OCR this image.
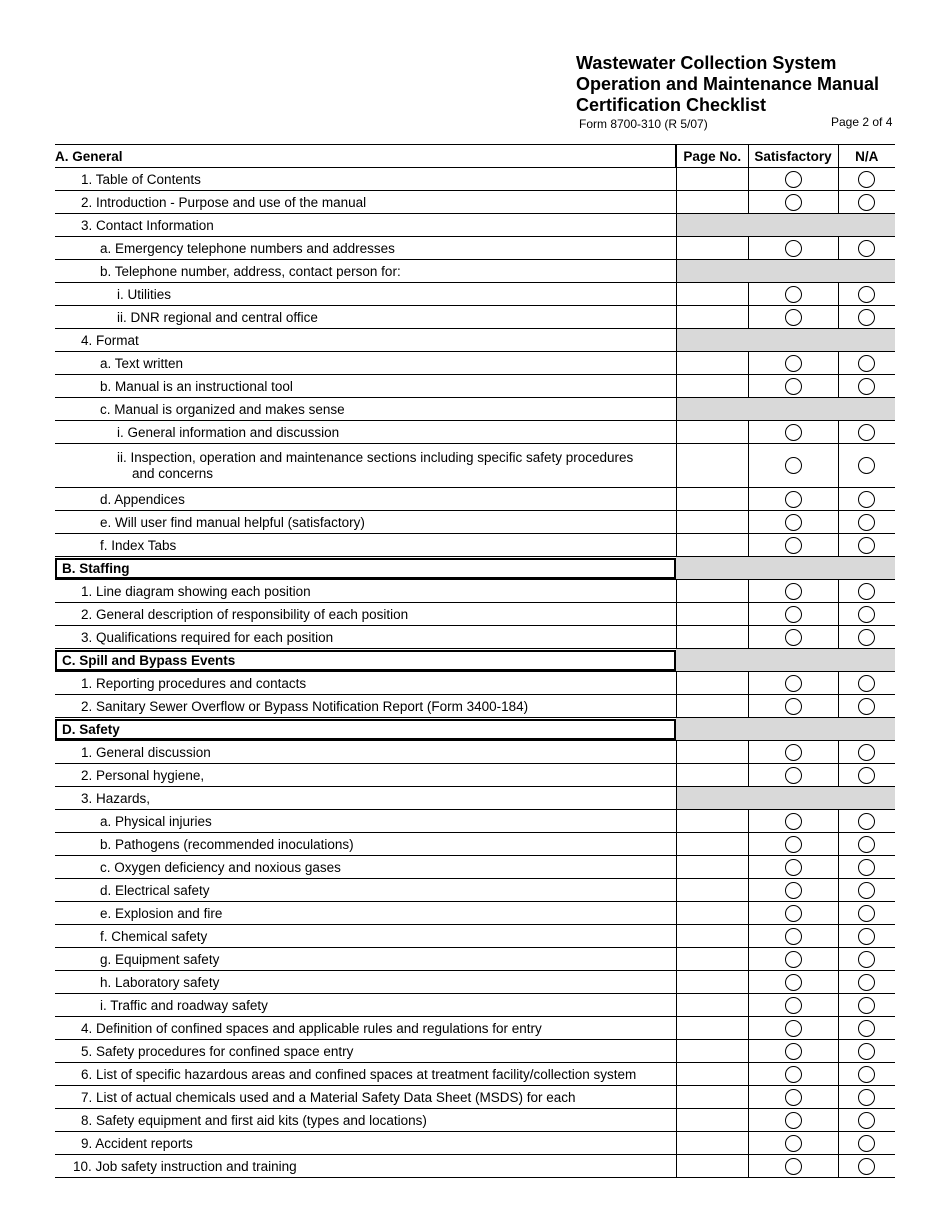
Wastewater Collection System
Operation and Maintenance Manual
Certification Checklist
Form 8700-310 (R 5/07)	Page 2 of 4
A. General	Page No.	Satisfactory	N/A

1. Table of Contents			

2. Introduction - Purpose and use of the manual			

3. Contact Information			

a. Emergency telephone numbers and addresses			

b. Telephone number, address, contact person for:			

i. Utilities			

ii. DNR regional and central office			

4. Format			

a. Text written			

b. Manual is an instructional tool			

c. Manual is organized and makes sense			

i. General information and discussion			

ii. Inspection, operation and maintenance sections including specific safety procedures and concerns			

d. Appendices			

e. Will user find manual helpful (satisfactory)			

f. Index Tabs			

B. Staffing			

1. Line diagram showing each position			

2. General description of responsibility of each position			

3. Qualifications required for each position			

C. Spill and Bypass Events			

1. Reporting procedures and contacts			

2. Sanitary Sewer Overflow or Bypass Notification Report (Form 3400-184)			

D. Safety			

1. General discussion			

2. Personal hygiene,			

3. Hazards,			

a. Physical injuries			

b. Pathogens (recommended inoculations)			

c. Oxygen deficiency and noxious gases			

d. Electrical safety			

e. Explosion and fire			

f. Chemical safety			

g. Equipment safety			

h. Laboratory safety			

i. Traffic and roadway safety			

4. Definition of confined spaces and applicable rules and regulations for entry			

5. Safety procedures for confined space entry			

6. List of specific hazardous areas and confined spaces at treatment facility/collection system			

7. List of actual chemicals used and a Material Safety Data Sheet (MSDS) for each			

8. Safety equipment and first aid kits (types and locations)			

9. Accident reports			

10. Job safety instruction and training			
